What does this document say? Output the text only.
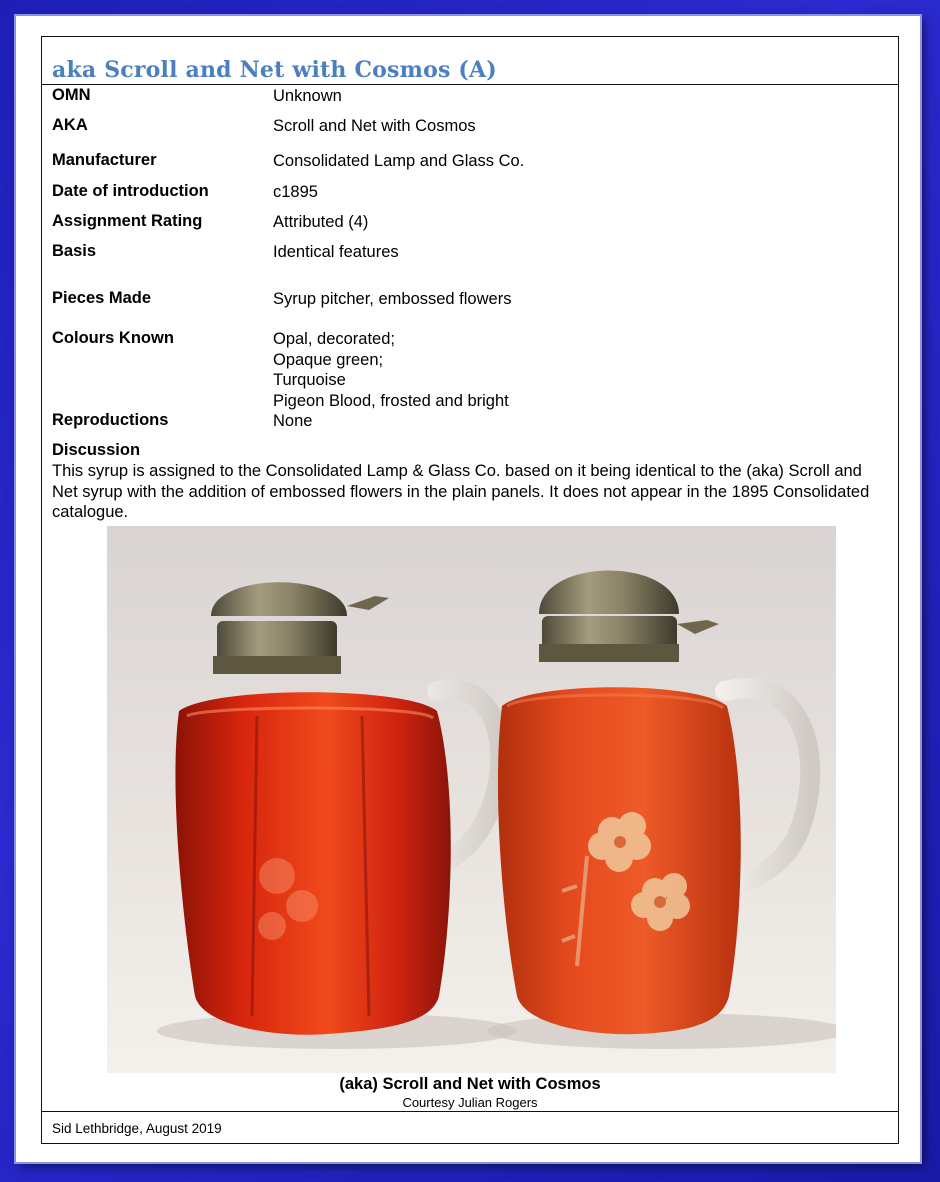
aka Scroll and Net with Cosmos (A)
OMN	Unknown
AKA	Scroll and Net with Cosmos
Manufacturer	Consolidated Lamp and Glass Co.
Date of introduction	c1895
Assignment Rating	Attributed (4)
Basis	Identical features
Pieces Made	Syrup pitcher, embossed flowers
Colours Known	Opal, decorated;
Opaque green;
Turquoise
Pigeon Blood, frosted and bright
Reproductions	None
Discussion
This syrup is assigned to the Consolidated Lamp & Glass Co. based on it being identical to the (aka) Scroll and Net syrup with the addition of embossed flowers in the plain panels. It does not appear in the 1895 Consolidated catalogue.
(aka) Scroll and Net with Cosmos
Courtesy Julian Rogers
Sid Lethbridge, August 2019
